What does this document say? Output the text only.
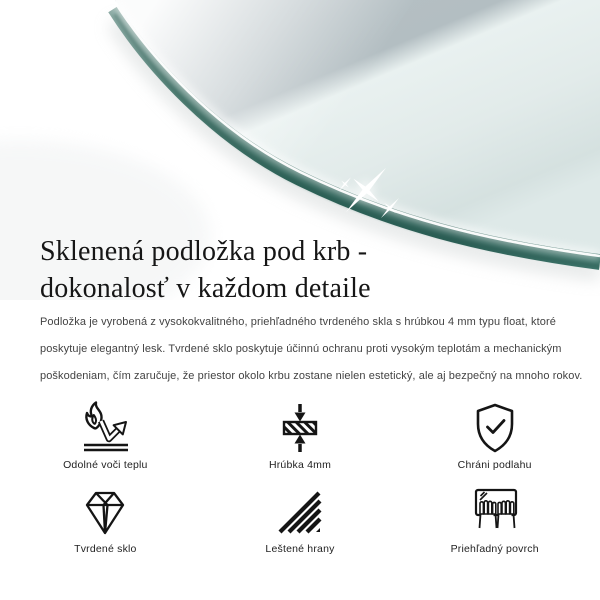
Sklenená podložka pod krb -
dokonalosť v každom detaile

Podložka je vyrobená z vysokokvalitného, priehľadného tvrdeného skla s hrúbkou 4 mm typu float, ktoré
poskytuje elegantný lesk. Tvrdené sklo poskytuje účinnú ochranu proti vysokým teplotám a mechanickým
poškodeniam, čím zaručuje, že priestor okolo krbu zostane nielen estetický, ale aj bezpečný na mnoho rokov.

Odolné voči teplu	Hrúbka 4mm	Chráni podlahu
Tvrdené sklo	Leštené hrany	Priehľadný povrch
